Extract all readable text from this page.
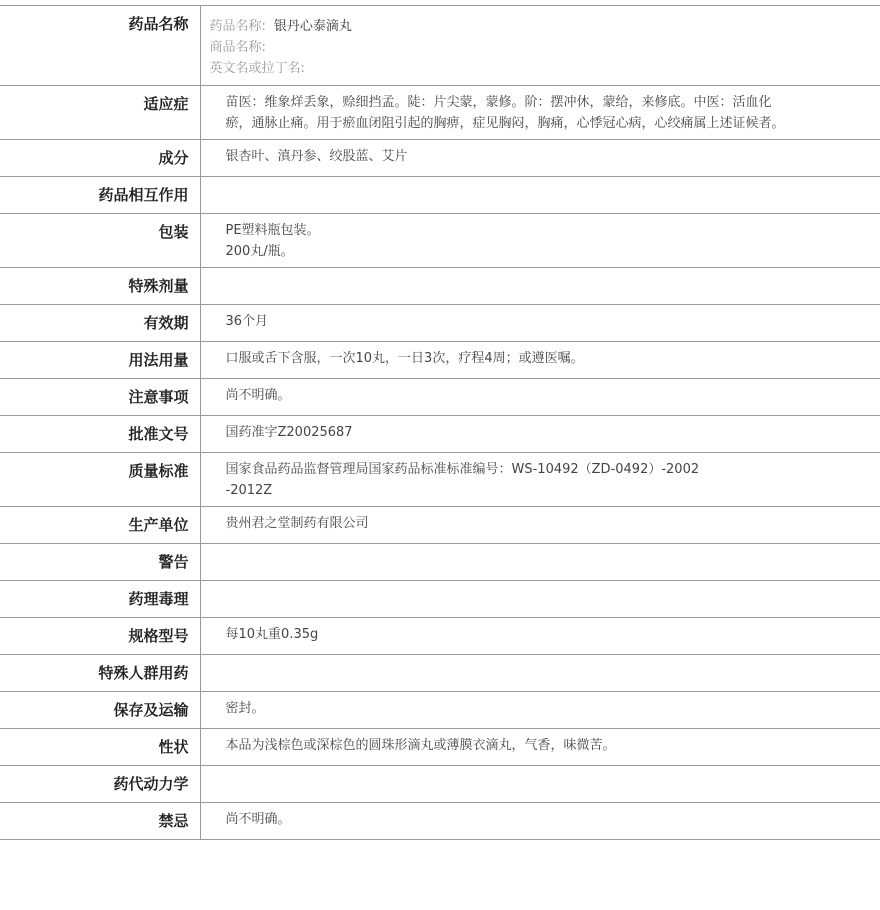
药品名称	药品名称: 银丹心泰滴丸
商品名称:
英文名或拉丁名:

适应症	苗医：维象烊丢象，赊细挡孟。陡：片尖蒙，蒙修。阶：摆冲休，蒙给，来修底。中医：活血化瘀，通脉止痛。用于瘀血闭阻引起的胸痹，症见胸闷，胸痛，心悸冠心病，心绞痛属上述证候者。
成分	银杏叶、滇丹参、绞股蓝、艾片
药品相互作用	
包装	PE塑料瓶包装。
200丸/瓶。

特殊剂量	
有效期	36个月
用法用量	口服或舌下含服，一次10丸，一日3次，疗程4周；或遵医嘱。
注意事项	尚不明确。
批准文号	国药准字Z20025687
质量标准	国家食品药品监督管理局国家药品标准标准编号：WS-10492（ZD-0492）-2002
-2012Z

生产单位	贵州君之堂制药有限公司
警告	
药理毒理	
规格型号	每10丸重0.35g
特殊人群用药	
保存及运输	密封。
性状	本品为浅棕色或深棕色的圆珠形滴丸或薄膜衣滴丸，气香，味微苦。
药代动力学	
禁忌	尚不明确。
